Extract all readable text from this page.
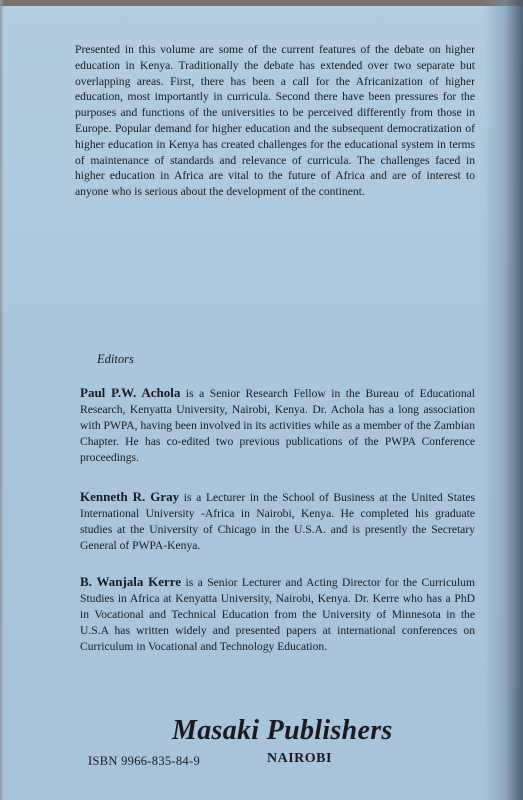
Presented in this volume are some of the current features of the debate on higher education in Kenya. Traditionally the debate has extended over two separate but overlapping areas. First, there has been a call for the Africanization of higher education, most importantly in curricula. Second there have been pressures for the purposes and functions of the universities to be perceived differently from those in Europe. Popular demand for higher education and the subsequent democratization of higher education in Kenya has created challenges for the educational system in terms of maintenance of standards and relevance of curricula. The challenges faced in higher education in Africa are vital to the future of Africa and are of interest to anyone who is serious about the development of the continent.

Editors

Paul P.W. Achola is a Senior Research Fellow in the Bureau of Educational Research, Kenyatta University, Nairobi, Kenya. Dr. Achola has a long association with PWPA, having been involved in its activities while as a member of the Zambian Chapter. He has co-edited two previous publications of the PWPA Conference proceedings.

Kenneth R. Gray is a Lecturer in the School of Business at the United States International University -Africa in Nairobi, Kenya. He completed his graduate studies at the University of Chicago in the U.S.A. and is presently the Secretary General of PWPA-Kenya.

B. Wanjala Kerre is a Senior Lecturer and Acting Director for the Curriculum Studies in Africa at Kenyatta University, Nairobi, Kenya. Dr. Kerre who has a PhD in Vocational and Technical Education from the University of Minnesota in the U.S.A has written widely and presented papers at international conferences on Curriculum in Vocational and Technology Education.

Masaki Publishers

NAIROBI

ISBN 9966-835-84-9
